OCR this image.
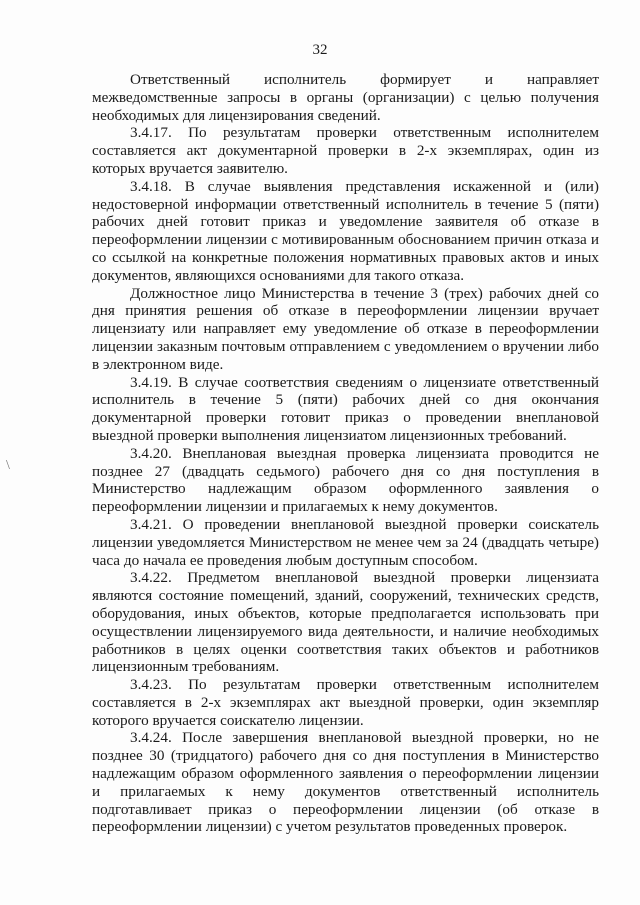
32
\

Ответственный исполнитель формирует и направляет межведомственные запросы в органы (организации) с целью получения необходимых для лицензирования сведений.

3.4.17. По результатам проверки ответственным исполнителем составляется акт документарной проверки в 2-х экземплярах, один из которых вручается заявителю.

3.4.18. В случае выявления представления искаженной и (или) недостоверной информации ответственный исполнитель в течение 5 (пяти) рабочих дней готовит приказ и уведомление заявителя об отказе в переоформлении лицензии с мотивированным обоснованием причин отказа и со ссылкой на конкретные положения нормативных правовых актов и иных документов, являющихся основаниями для такого отказа.

Должностное лицо Министерства в течение 3 (трех) рабочих дней со дня принятия решения об отказе в переоформлении лицензии вручает лицензиату или направляет ему уведомление об отказе в переоформлении лицензии заказным почтовым отправлением с уведомлением о вручении либо в электронном виде.

3.4.19. В случае соответствия сведениям о лицензиате ответственный исполнитель в течение 5 (пяти) рабочих дней со дня окончания документарной проверки готовит приказ о проведении внеплановой выездной проверки выполнения лицензиатом лицензионных требований.

3.4.20. Внеплановая выездная проверка лицензиата проводится не позднее 27 (двадцать седьмого) рабочего дня со дня поступления в Министерство надлежащим образом оформленного заявления о переоформлении лицензии и прилагаемых к нему документов.

3.4.21. О проведении внеплановой выездной проверки соискатель лицензии уведомляется Министерством не менее чем за 24 (двадцать четыре) часа до начала ее проведения любым доступным способом.

3.4.22. Предметом внеплановой выездной проверки лицензиата являются состояние помещений, зданий, сооружений, технических средств, оборудования, иных объектов, которые предполагается использовать при осуществлении лицензируемого вида деятельности, и наличие необходимых работников в целях оценки соответствия таких объектов и работников лицензионным требованиям.

3.4.23. По результатам проверки ответственным исполнителем составляется в 2-х экземплярах акт выездной проверки, один экземпляр которого вручается соискателю лицензии.

3.4.24. После завершения внеплановой выездной проверки, но не позднее 30 (тридцатого) рабочего дня со дня поступления в Министерство надлежащим образом оформленного заявления о переоформлении лицензии и прилагаемых к нему документов ответственный исполнитель подготавливает приказ о переоформлении лицензии (об отказе в переоформлении лицензии) с учетом результатов проведенных проверок.
